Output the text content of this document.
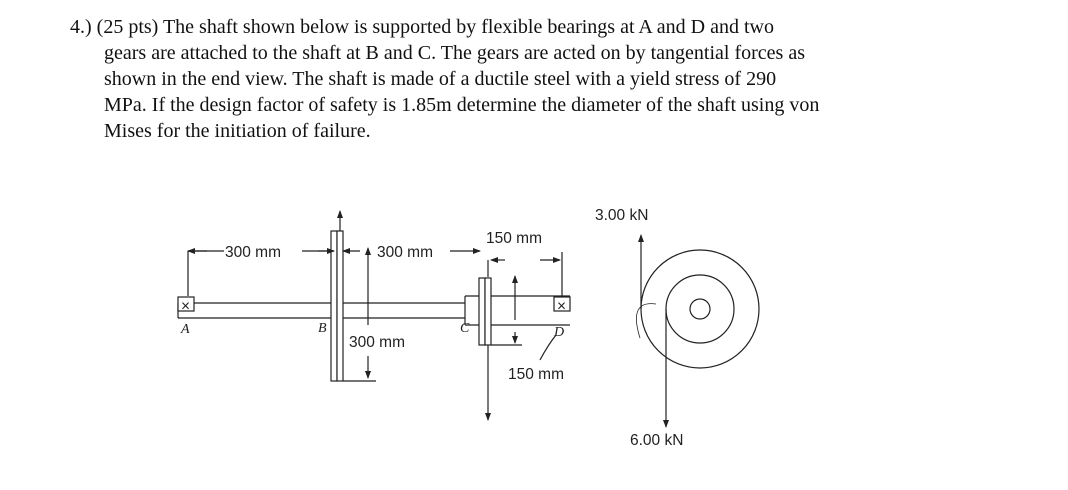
4.) (25 pts) The shaft shown below is supported by flexible bearings at A and D and two
gears are attached to the shaft at B and C. The gears are acted on by tangential forces as
shown in the end view. The shaft is made of a ductile steel with a yield stress of 290
MPa. If the design factor of safety is 1.85m determine the diameter of the shaft using von
Mises for the initiation of failure.
×	×
A	B	C	D
300 mm	300 mm
150 mm
300 mm
150 mm
3.00 kN
6.00 kN
